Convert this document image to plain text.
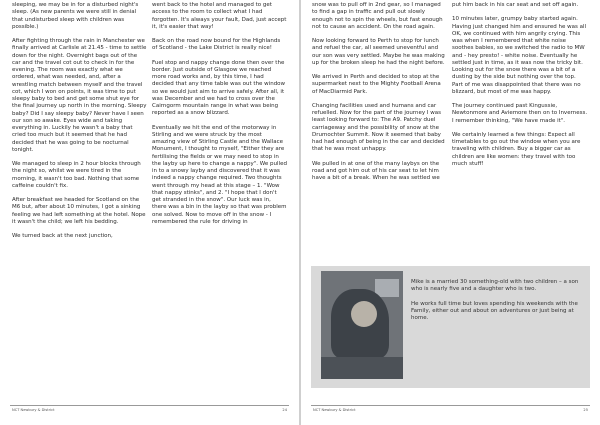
sleeping, we may be in for a disturbed night's sleep. (As new parents we were still in denial that undisturbed sleep with children was possible.)

After fighting through the rain in Manchester we finally arrived at Carlisle at 21.45 - time to settle down for the night. Overnight bags out of the car and the travel cot out to check in for the evening. The room was exactly what we ordered, what was needed, and, after a wrestling match between myself and the travel cot, which I won on points, it was time to put sleepy baby to bed and get some shut eye for the final journey up north in the morning. Sleepy baby? Did I say sleepy baby? Never have I seen our son so awake. Eyes wide and taking everything in. Luckily he wasn't a baby that cried too much but it seemed that he had decided that he was going to be nocturnal tonight.

We managed to sleep in 2 hour blocks through the night so, whilst we were tired in the morning, it wasn't too bad. Nothing that some caffeine couldn't fix.

After breakfast we headed for Scotland on the M6 but, after about 10 minutes, I got a sinking feeling we had left something at the hotel. Nope it wasn't the child; we left his bedding.

We turned back at the next junction,

went back to the hotel and managed to get access to the room to collect what I had forgotten. It's always your fault, Dad, just accept it, it's easier that way!

Back on the road now bound for the Highlands of Scotland - the Lake District is really nice!

Fuel stop and nappy change done then over the border. Just outside of Glasgow we reached more road works and, by this time, I had decided that any time table was out the window so we would just aim to arrive safely. After all, it was December and we had to cross over the Cairngorm mountain range in what was being reported as a snow blizzard.

Eventually we hit the end of the motorway in Stirling and we were struck by the most amazing view of Stirling Castle and the Wallace Monument, I thought to myself, "Either they are fertilising the fields or we may need to stop in the layby up here to change a nappy". We pulled in to a snowy layby and discovered that it was indeed a nappy change required. Two thoughts went through my head at this stage – 1. "Wow that nappy stinks", and 2. "I hope that I don't get stranded in the snow". Our luck was in, there was a bin in the layby so that was problem one solved. Now to move off in the snow - I remembered the rule for driving in

NCT Newbury & District	24

snow was to pull off in 2nd gear, so I managed to find a gap in traffic and pull out slowly enough not to spin the wheels, but fast enough not to cause an accident. On the road again.

Now looking forward to Perth to stop for lunch and refuel the car, all seemed uneventful and our son was very settled. Maybe he was making up for the broken sleep he had the night before.

We arrived in Perth and decided to stop at the supermarket next to the Mighty Football Arena of MacDiarmid Park.

Changing facilities used and humans and car refuelled. Now for the part of the journey I was least looking forward to: The A9. Patchy duel carriageway and the possibility of snow at the Drumochter Summit. Now it seemed that baby had had enough of being in the car and decided that he was most unhappy.

We pulled in at one of the many laybys on the road and got him out of his car seat to let him have a bit of a break. When he was settled we

put him back in his car seat and set off again.

10 minutes later, grumpy baby started again. Having just changed him and ensured he was all OK, we continued with him angrily crying. This was when I remembered that white noise soothes babies, so we switched the radio to MW and - hey presto! - white noise. Eventually he settled just in time, as it was now the tricky bit. Looking out for the snow there was a bit of a dusting by the side but nothing over the top. Part of me was disappointed that there was no blizzard, but most of me was happy.

The journey continued past Kingussie, Newtonmore and Aviemore then on to Inverness. I remember thinking, "We have made it".

We certainly learned a few things: Expect all timetables to go out the window when you are traveling with children. Buy a bigger car as children are like women: they travel with too much stuff!

Mike is a married 30 something-old with two children – a son who is nearly five and a daughter who is two.

He works full time but loves spending his weekends with the Family, either out and about on adventures or just being at home.

NCT Newbury & District	25
